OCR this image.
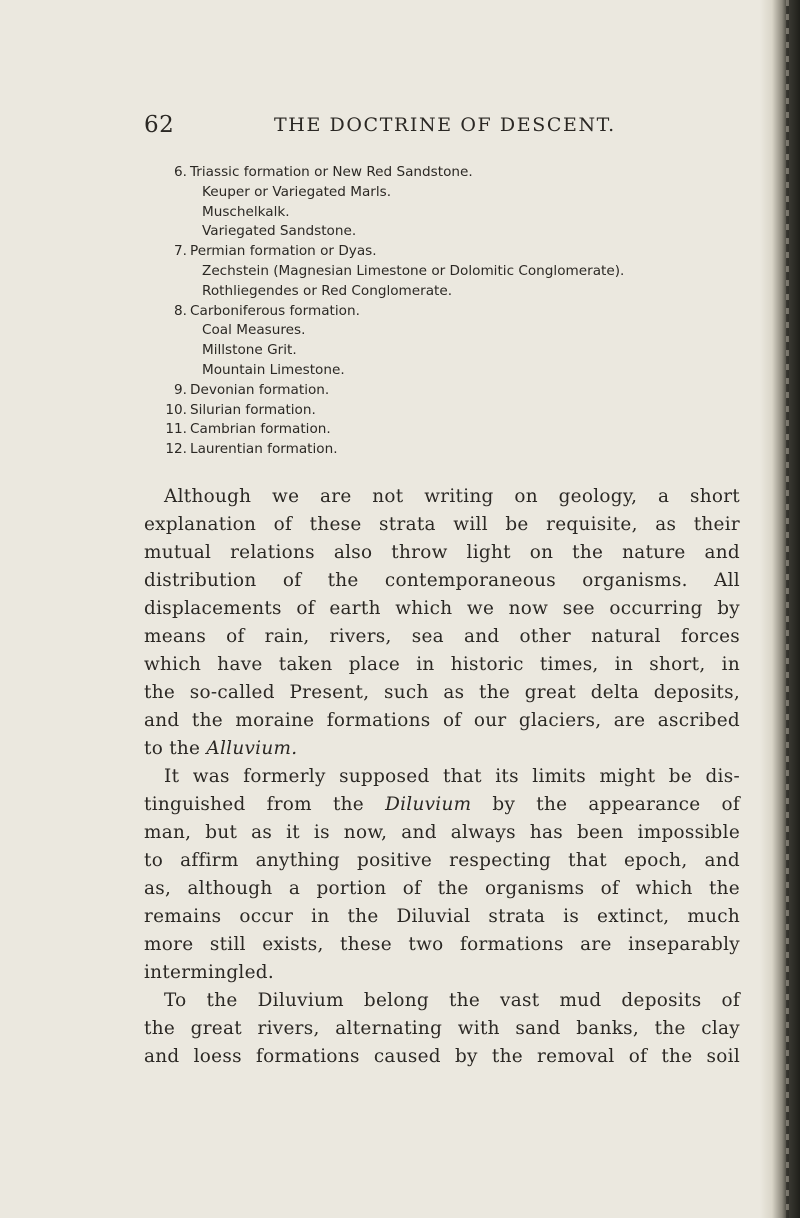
62	THE DOCTRINE OF DESCENT.
6. Triassic formation or New Red Sandstone.
Keuper or Variegated Marls.
Muschelkalk.
Variegated Sandstone.
7. Permian formation or Dyas.
Zechstein (Magnesian Limestone or Dolomitic Conglomerate).
Rothliegendes or Red Conglomerate.
8. Carboniferous formation.
Coal Measures.
Millstone Grit.
Mountain Limestone.
9. Devonian formation.
10. Silurian formation.
11. Cambrian formation.
12. Laurentian formation.
Although we are not writing on geology, a short
explanation of these strata will be requisite, as their
mutual relations also throw light on the nature and
distribution of the contemporaneous organisms. All
displacements of earth which we now see occurring by
means of rain, rivers, sea and other natural forces
which have taken place in historic times, in short, in
the so-called Present, such as the great delta deposits,
and the moraine formations of our glaciers, are ascribed
to the Alluvium.
It was formerly supposed that its limits might be dis-
tinguished from the Diluvium by the appearance of
man, but as it is now, and always has been impossible
to affirm anything positive respecting that epoch, and
as, although a portion of the organisms of which the
remains occur in the Diluvial strata is extinct, much
more still exists, these two formations are inseparably
intermingled.
To the Diluvium belong the vast mud deposits of
the great rivers, alternating with sand banks, the clay
and loess formations caused by the removal of the soil
